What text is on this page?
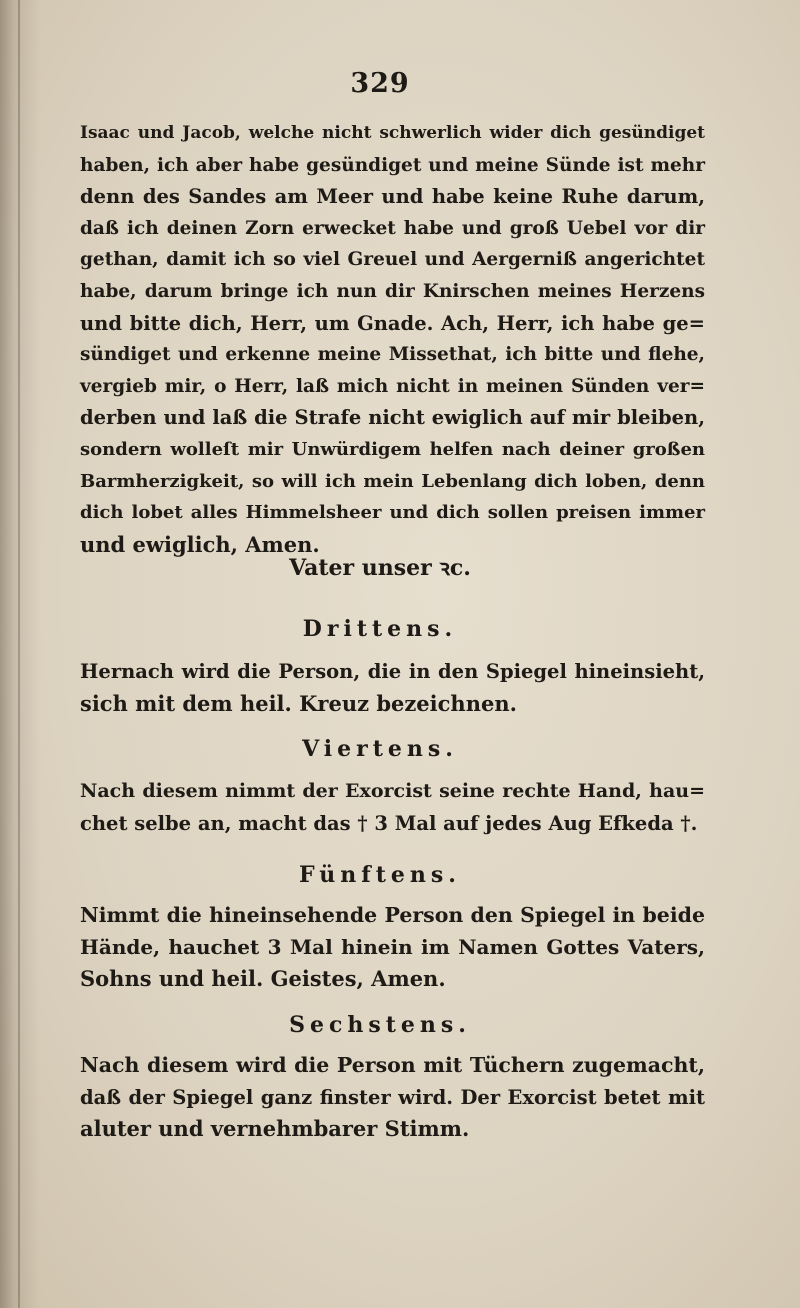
329
Isaac und Jacob, welche nicht schwerlich wider dich gesündiget
haben, ich aber habe gesündiget und meine Sünde ist mehr
denn des Sandes am Meer und habe keine Ruhe darum,
daß ich deinen Zorn erwecket habe und groß Uebel vor dir
gethan, damit ich so viel Greuel und Aergerniß angerichtet
habe, darum bringe ich nun dir Knirschen meines Herzens
und bitte dich, Herr, um Gnade. Ach, Herr, ich habe ge=
sündiget und erkenne meine Missethat, ich bitte und flehe,
vergieb mir, o Herr, laß mich nicht in meinen Sünden ver=
derben und laß die Strafe nicht ewiglich auf mir bleiben,
sondern wolleſt mir Unwürdigem helfen nach deiner großen
Barmherzigkeit, so will ich mein Lebenlang dich loben, denn
dich lobet alles Himmelsheer und dich sollen preisen immer
und ewiglich, Amen.
Vater unser ꝛc.
Drittens.
Hernach wird die Person, die in den Spiegel hineinsieht,
sich mit dem heil. Kreuz bezeichnen.
Viertens.
Nach diesem nimmt der Exorcist seine rechte Hand, hau=
chet selbe an, macht das † 3 Mal auf jedes Aug Efkeda †.
Fünftens.
Nimmt die hineinsehende Person den Spiegel in beide
Hände, hauchet 3 Mal hinein im Namen Gottes Vaters,
Sohns und heil. Geistes, Amen.
Sechstens.
Nach diesem wird die Person mit Tüchern zugemacht,
daß der Spiegel ganz finster wird. Der Exorcist betet mit
aluter und vernehmbarer Stimm.
